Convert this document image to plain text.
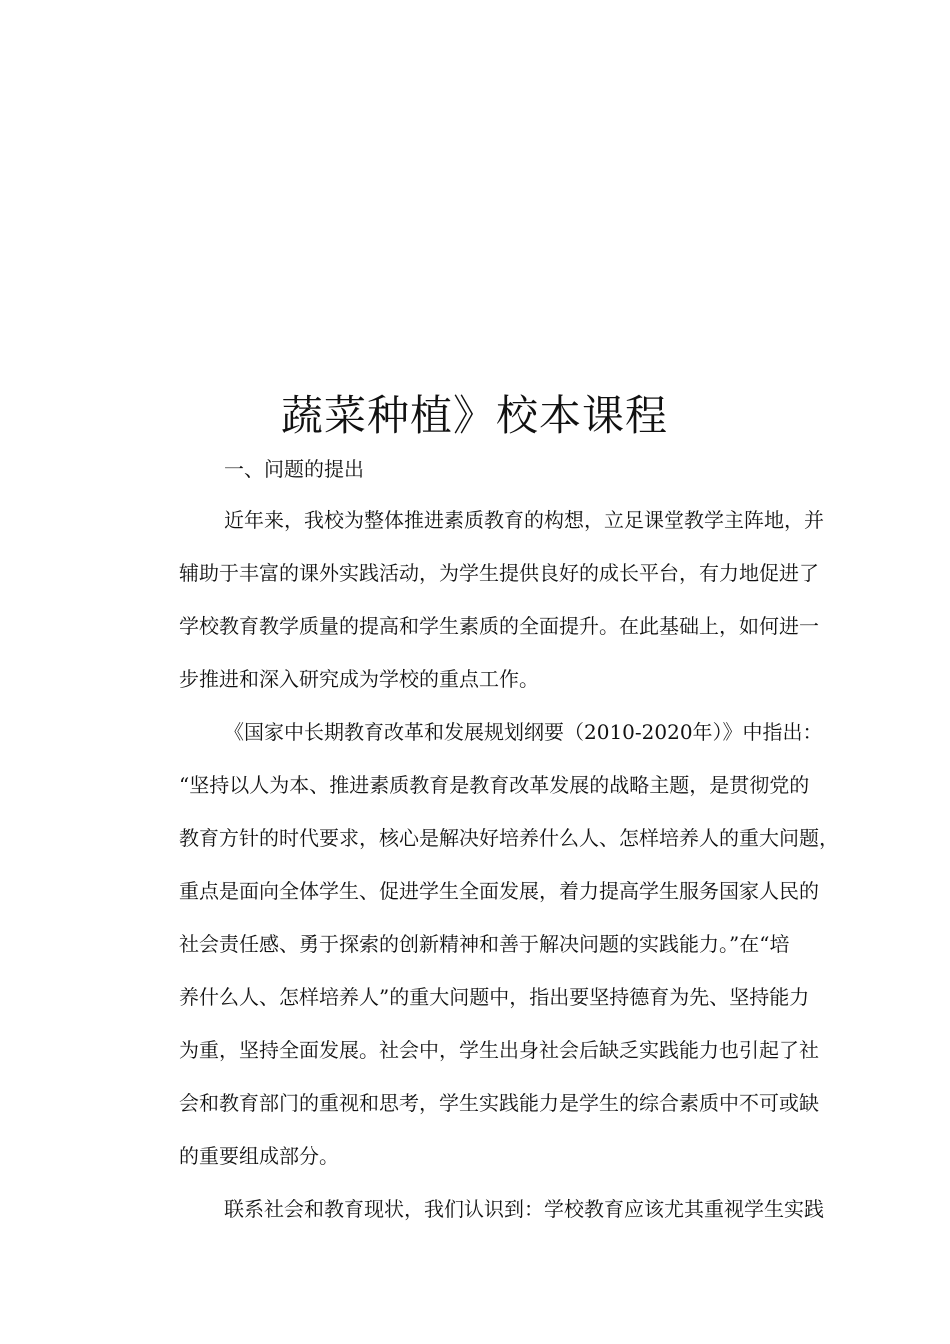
蔬菜种植》校本课程
一、问题的提出

近年来，我校为整体推进素质教育的构想，立足课堂教学主阵地，并

辅助于丰富的课外实践活动，为学生提供良好的成长平台，有力地促进了

学校教育教学质量的提高和学生素质的全面提升。在此基础上，如何进一

步推进和深入研究成为学校的重点工作。

《国家中长期教育改革和发展规划纲要（2010-2020年）》中指出：

“坚持以人为本、推进素质教育是教育改革发展的战略主题，是贯彻党的

教育方针的时代要求，核心是解决好培养什么人、怎样培养人的重大问题，

重点是面向全体学生、促进学生全面发展，着力提高学生服务国家人民的

社会责任感、勇于探索的创新精神和善于解决问题的实践能力。”在“培

养什么人、怎样培养人”的重大问题中，指出要坚持德育为先、坚持能力

为重，坚持全面发展。社会中，学生出身社会后缺乏实践能力也引起了社

会和教育部门的重视和思考，学生实践能力是学生的综合素质中不可或缺

的重要组成部分。

联系社会和教育现状，我们认识到：学校教育应该尤其重视学生实践
